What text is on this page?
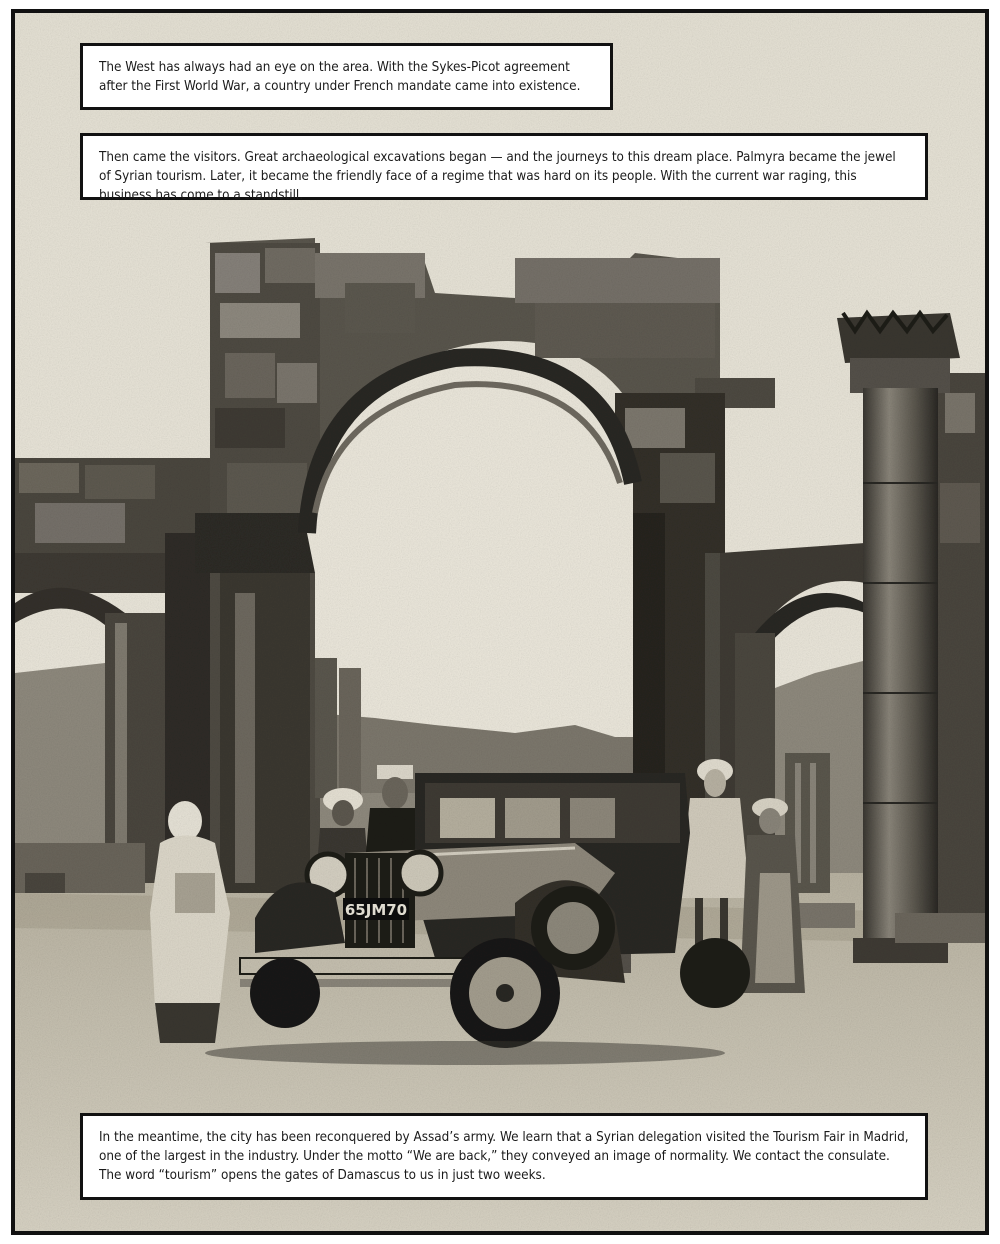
65JM70

The West has always had an eye on the area. With the Sykes-Picot agreement after the First World War, a country under French mandate came into existence.

Then came the visitors. Great archaeological excavations began — and the journeys to this dream place. Palmyra became the jewel of Syrian tourism. Later, it became the friendly face of a regime that was hard on its people. With the current war raging, this business has come to a standstill.

In the meantime, the city has been reconquered by Assad’s army. We learn that a Syrian delegation visited the Tourism Fair in Madrid, one of the largest in the industry. Under the motto “We are back,” they conveyed an image of normality. We contact the consulate. The word “tourism” opens the gates of Damascus to us in just two weeks.
